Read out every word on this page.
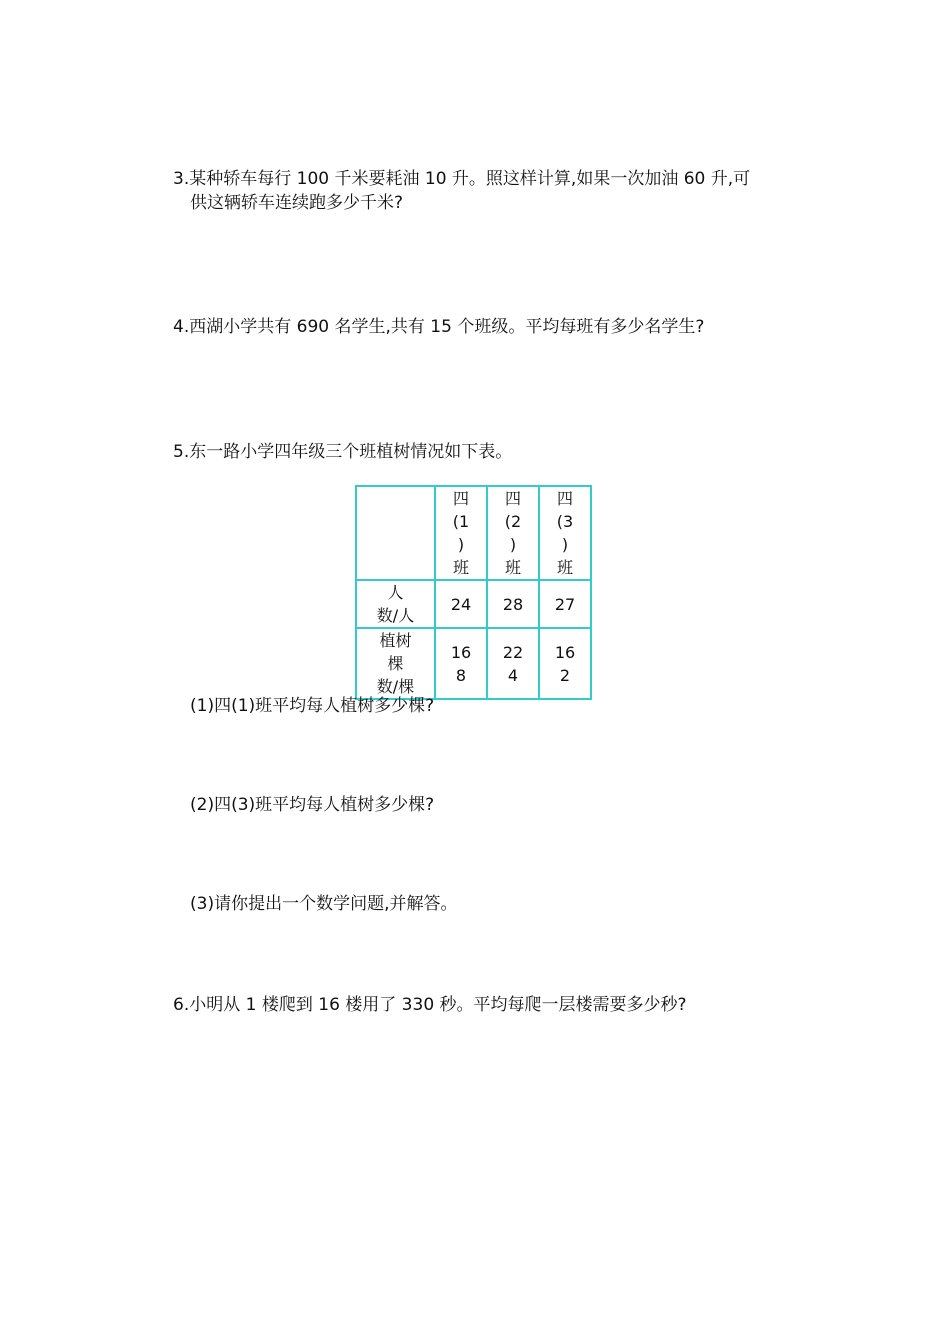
3.某种轿车每行 100 千米要耗油 10 升。照这样计算,如果一次加油 60 升,可
供这辆轿车连续跑多少千米?
4.西湖小学共有 690 名学生,共有 15 个班级。平均每班有多少名学生?
5.东一路小学四年级三个班植树情况如下表。

	四
(1
)
班	四
(2
)
班	四
(3
)
班

人
数/人	24	28	27

植树
棵
数/棵	16
8	22
4	16
2
(1)四(1)班平均每人植树多少棵?
(2)四(3)班平均每人植树多少棵?
(3)请你提出一个数学问题,并解答。
6.小明从 1 楼爬到 16 楼用了 330 秒。平均每爬一层楼需要多少秒?
